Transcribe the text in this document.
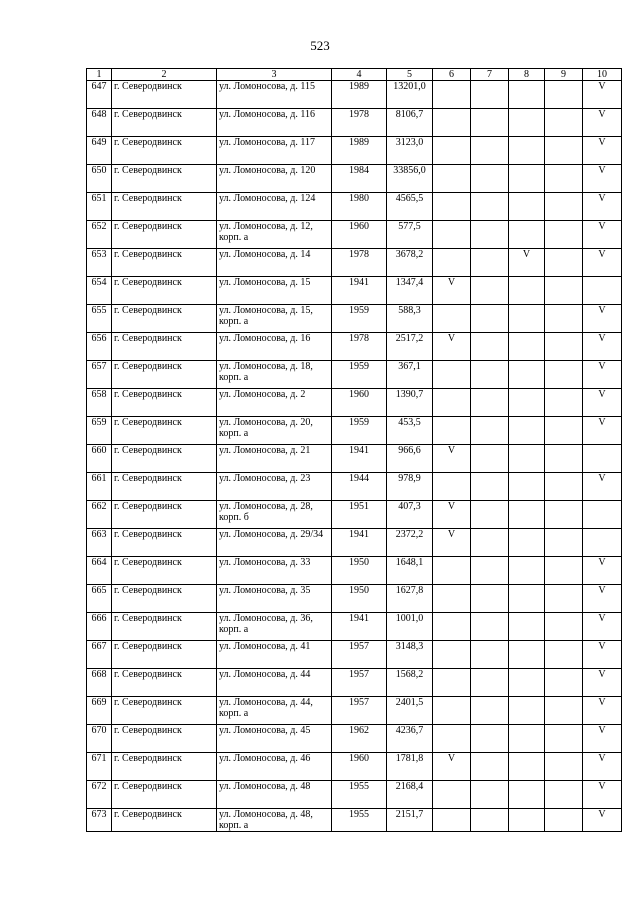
523
1	2	3	4	5	6	7	8	9	10
647	г. Северодвинск	ул. Ломоносова, д. 115	1989	13201,0					V
648	г. Северодвинск	ул. Ломоносова, д. 116	1978	8106,7					V
649	г. Северодвинск	ул. Ломоносова, д. 117	1989	3123,0					V
650	г. Северодвинск	ул. Ломоносова, д. 120	1984	33856,0					V
651	г. Северодвинск	ул. Ломоносова, д. 124	1980	4565,5					V
652	г. Северодвинск	ул. Ломоносова, д. 12, корп. а	1960	577,5					V
653	г. Северодвинск	ул. Ломоносова, д. 14	1978	3678,2			V		V
654	г. Северодвинск	ул. Ломоносова, д. 15	1941	1347,4	V				
655	г. Северодвинск	ул. Ломоносова, д. 15, корп. а	1959	588,3					V
656	г. Северодвинск	ул. Ломоносова, д. 16	1978	2517,2	V				V
657	г. Северодвинск	ул. Ломоносова, д. 18, корп. а	1959	367,1					V
658	г. Северодвинск	ул. Ломоносова, д. 2	1960	1390,7					V
659	г. Северодвинск	ул. Ломоносова, д. 20, корп. а	1959	453,5					V
660	г. Северодвинск	ул. Ломоносова, д. 21	1941	966,6	V				
661	г. Северодвинск	ул. Ломоносова, д. 23	1944	978,9					V
662	г. Северодвинск	ул. Ломоносова, д. 28, корп. б	1951	407,3	V				
663	г. Северодвинск	ул. Ломоносова, д. 29/34	1941	2372,2	V				
664	г. Северодвинск	ул. Ломоносова, д. 33	1950	1648,1					V
665	г. Северодвинск	ул. Ломоносова, д. 35	1950	1627,8					V
666	г. Северодвинск	ул. Ломоносова, д. 36, корп. а	1941	1001,0					V
667	г. Северодвинск	ул. Ломоносова, д. 41	1957	3148,3					V
668	г. Северодвинск	ул. Ломоносова, д. 44	1957	1568,2					V
669	г. Северодвинск	ул. Ломоносова, д. 44, корп. а	1957	2401,5					V
670	г. Северодвинск	ул. Ломоносова, д. 45	1962	4236,7					V
671	г. Северодвинск	ул. Ломоносова, д. 46	1960	1781,8	V				V
672	г. Северодвинск	ул. Ломоносова, д. 48	1955	2168,4					V
673	г. Северодвинск	ул. Ломоносова, д. 48, корп. а	1955	2151,7					V
